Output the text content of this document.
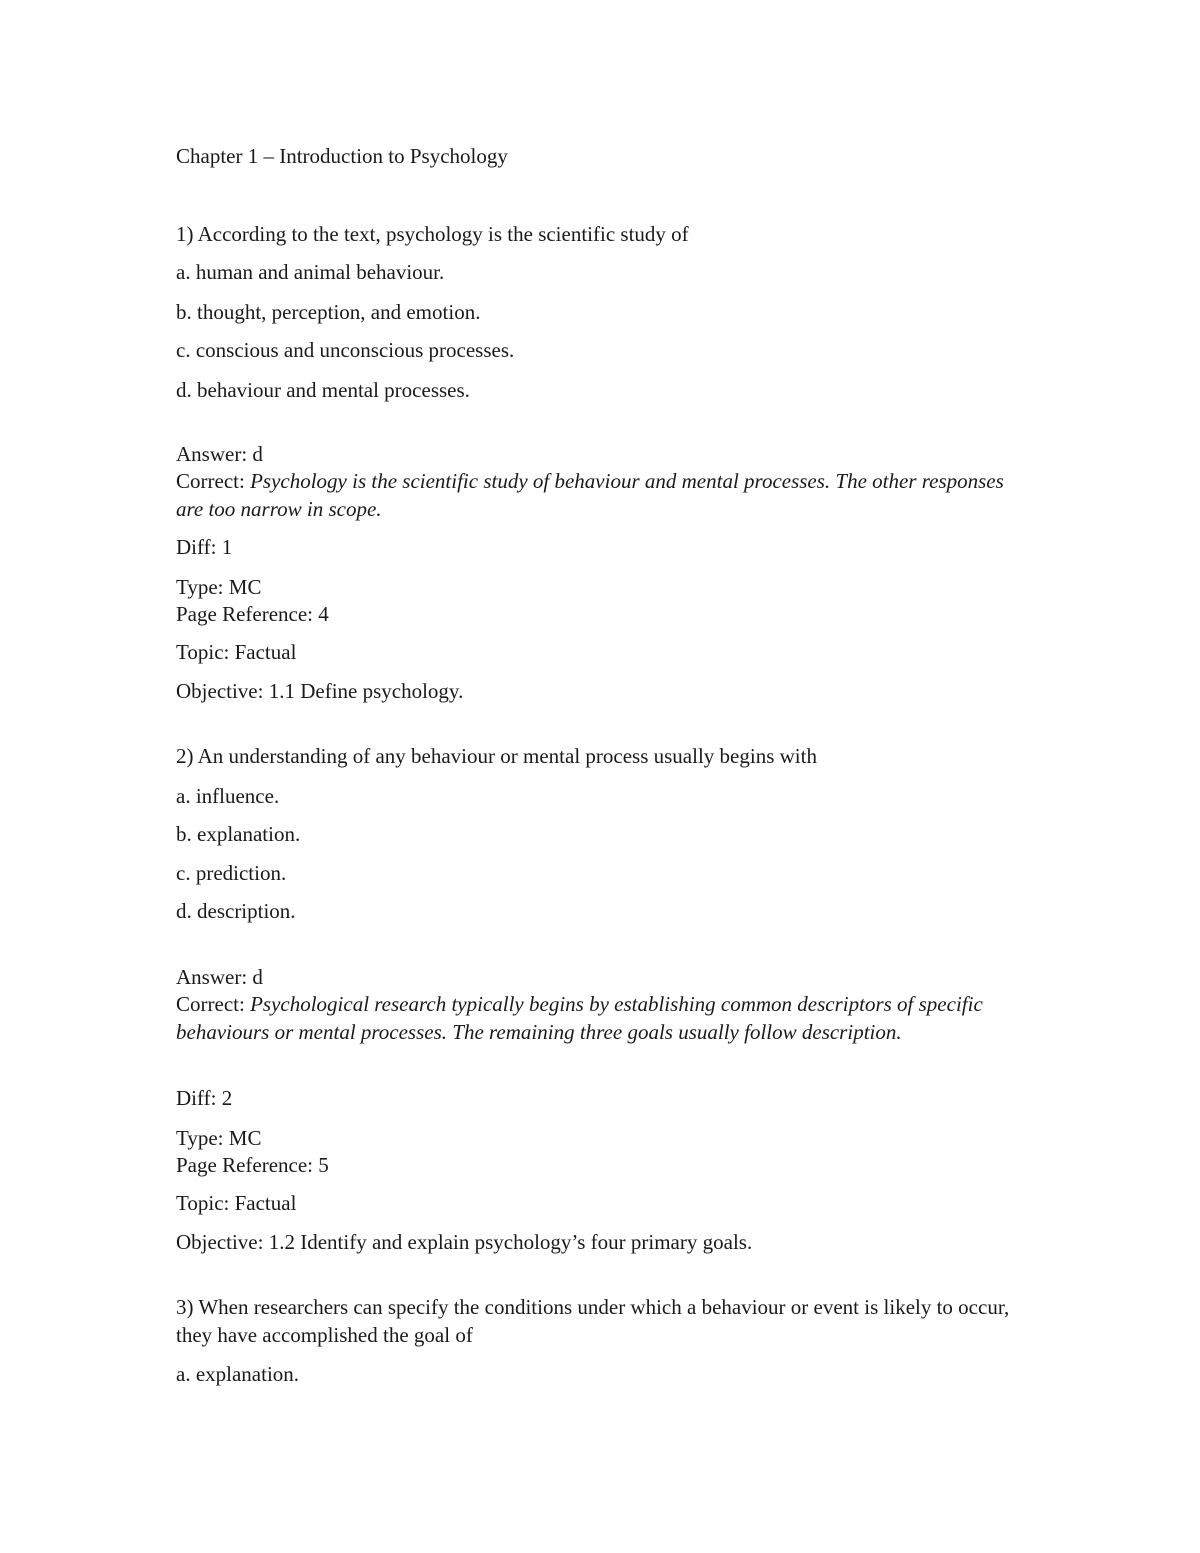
Chapter 1 – Introduction to Psychology
1) According to the text, psychology is the scientific study of
a. human and animal behaviour.
b. thought, perception, and emotion.
c. conscious and unconscious processes.
d. behaviour and mental processes.
Answer: d
Correct: Psychology is the scientific study of behaviour and mental processes. The other responses are too narrow in scope.
Diff: 1
Type: MC
Page Reference: 4
Topic: Factual
Objective: 1.1 Define psychology.
2) An understanding of any behaviour or mental process usually begins with
a. influence.
b. explanation.
c. prediction.
d. description.
Answer: d
Correct: Psychological research typically begins by establishing common descriptors of specific behaviours or mental processes. The remaining three goals usually follow description.
Diff: 2
Type: MC
Page Reference: 5
Topic: Factual
Objective: 1.2 Identify and explain psychology’s four primary goals.
3) When researchers can specify the conditions under which a behaviour or event is likely to occur, they have accomplished the goal of
a. explanation.
